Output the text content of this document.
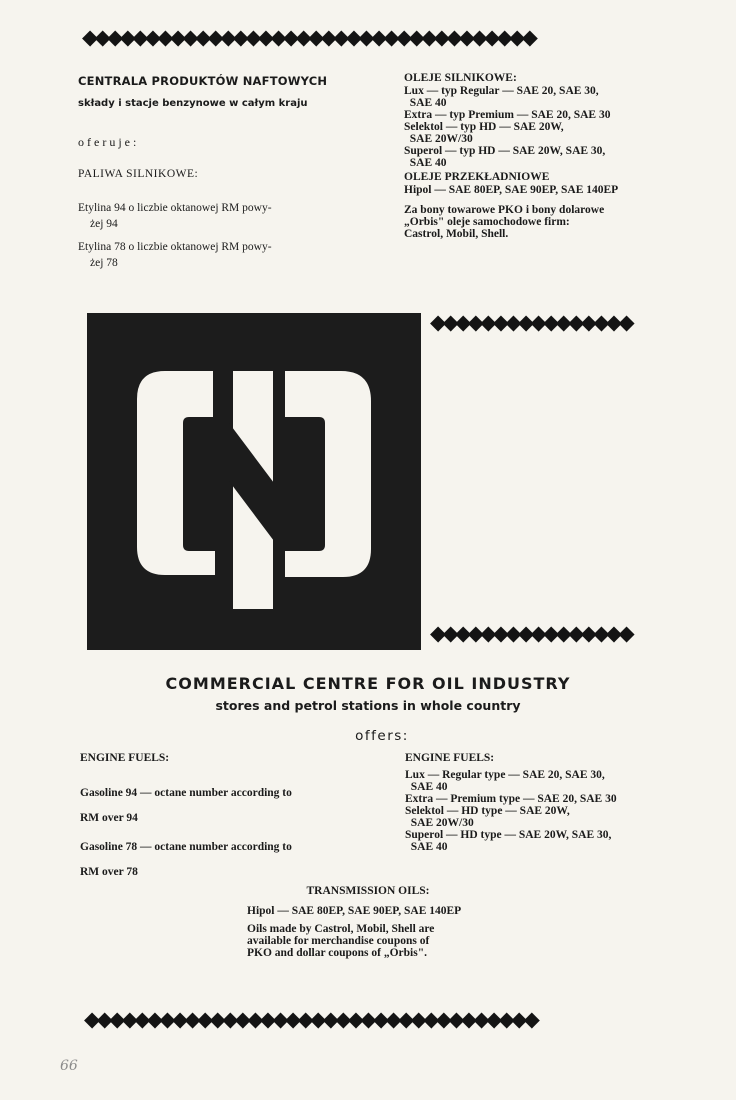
◆◆◆◆◆◆◆◆◆◆◆◆◆◆◆◆◆◆◆◆◆◆◆◆◆◆◆◆◆◆◆◆◆◆◆◆
CENTRALA PRODUKTÓW NAFTOWYCH
składy i stacje benzynowe w całym kraju
oferuje:
PALIWA SILNIKOWE:
Etylina 94 o liczbie oktanowej RM powy-
żej 94
Etylina 78 o liczbie oktanowej RM powy-
żej 78
OLEJE SILNIKOWE:
Lux — typ Regular — SAE 20, SAE 30,
SAE 40
Extra — typ Premium — SAE 20, SAE 30
Selektol — typ HD — SAE 20W,
SAE 20W/30
Superol — typ HD — SAE 20W, SAE 30,
SAE 40
OLEJE PRZEKŁADNIOWE
Hipol — SAE 80EP, SAE 90EP, SAE 140EP
Za bony towarowe PKO i bony dolarowe
„Orbis" oleje samochodowe firm:
Castrol, Mobil, Shell.
◆◆◆◆◆◆◆◆◆◆◆◆◆◆◆◆
◆◆◆◆◆◆◆◆◆◆◆◆◆◆◆◆
COMMERCIAL CENTRE FOR OIL INDUSTRY
stores and petrol stations in whole country
offers:
ENGINE FUELS:
Gasoline 94 — octane number according to
RM over 94
Gasoline 78 — octane number according to
RM over 78
ENGINE FUELS:
Lux — Regular type — SAE 20, SAE 30,
SAE 40
Extra — Premium type — SAE 20, SAE 30
Selektol — HD type — SAE 20W,
SAE 20W/30
Superol — HD type — SAE 20W, SAE 30,
SAE 40
TRANSMISSION OILS:
Hipol — SAE 80EP, SAE 90EP, SAE 140EP
Oils made by Castrol, Mobil, Shell are
available for merchandise coupons of
PKO and dollar coupons of „Orbis".
◆◆◆◆◆◆◆◆◆◆◆◆◆◆◆◆◆◆◆◆◆◆◆◆◆◆◆◆◆◆◆◆◆◆◆◆
66
